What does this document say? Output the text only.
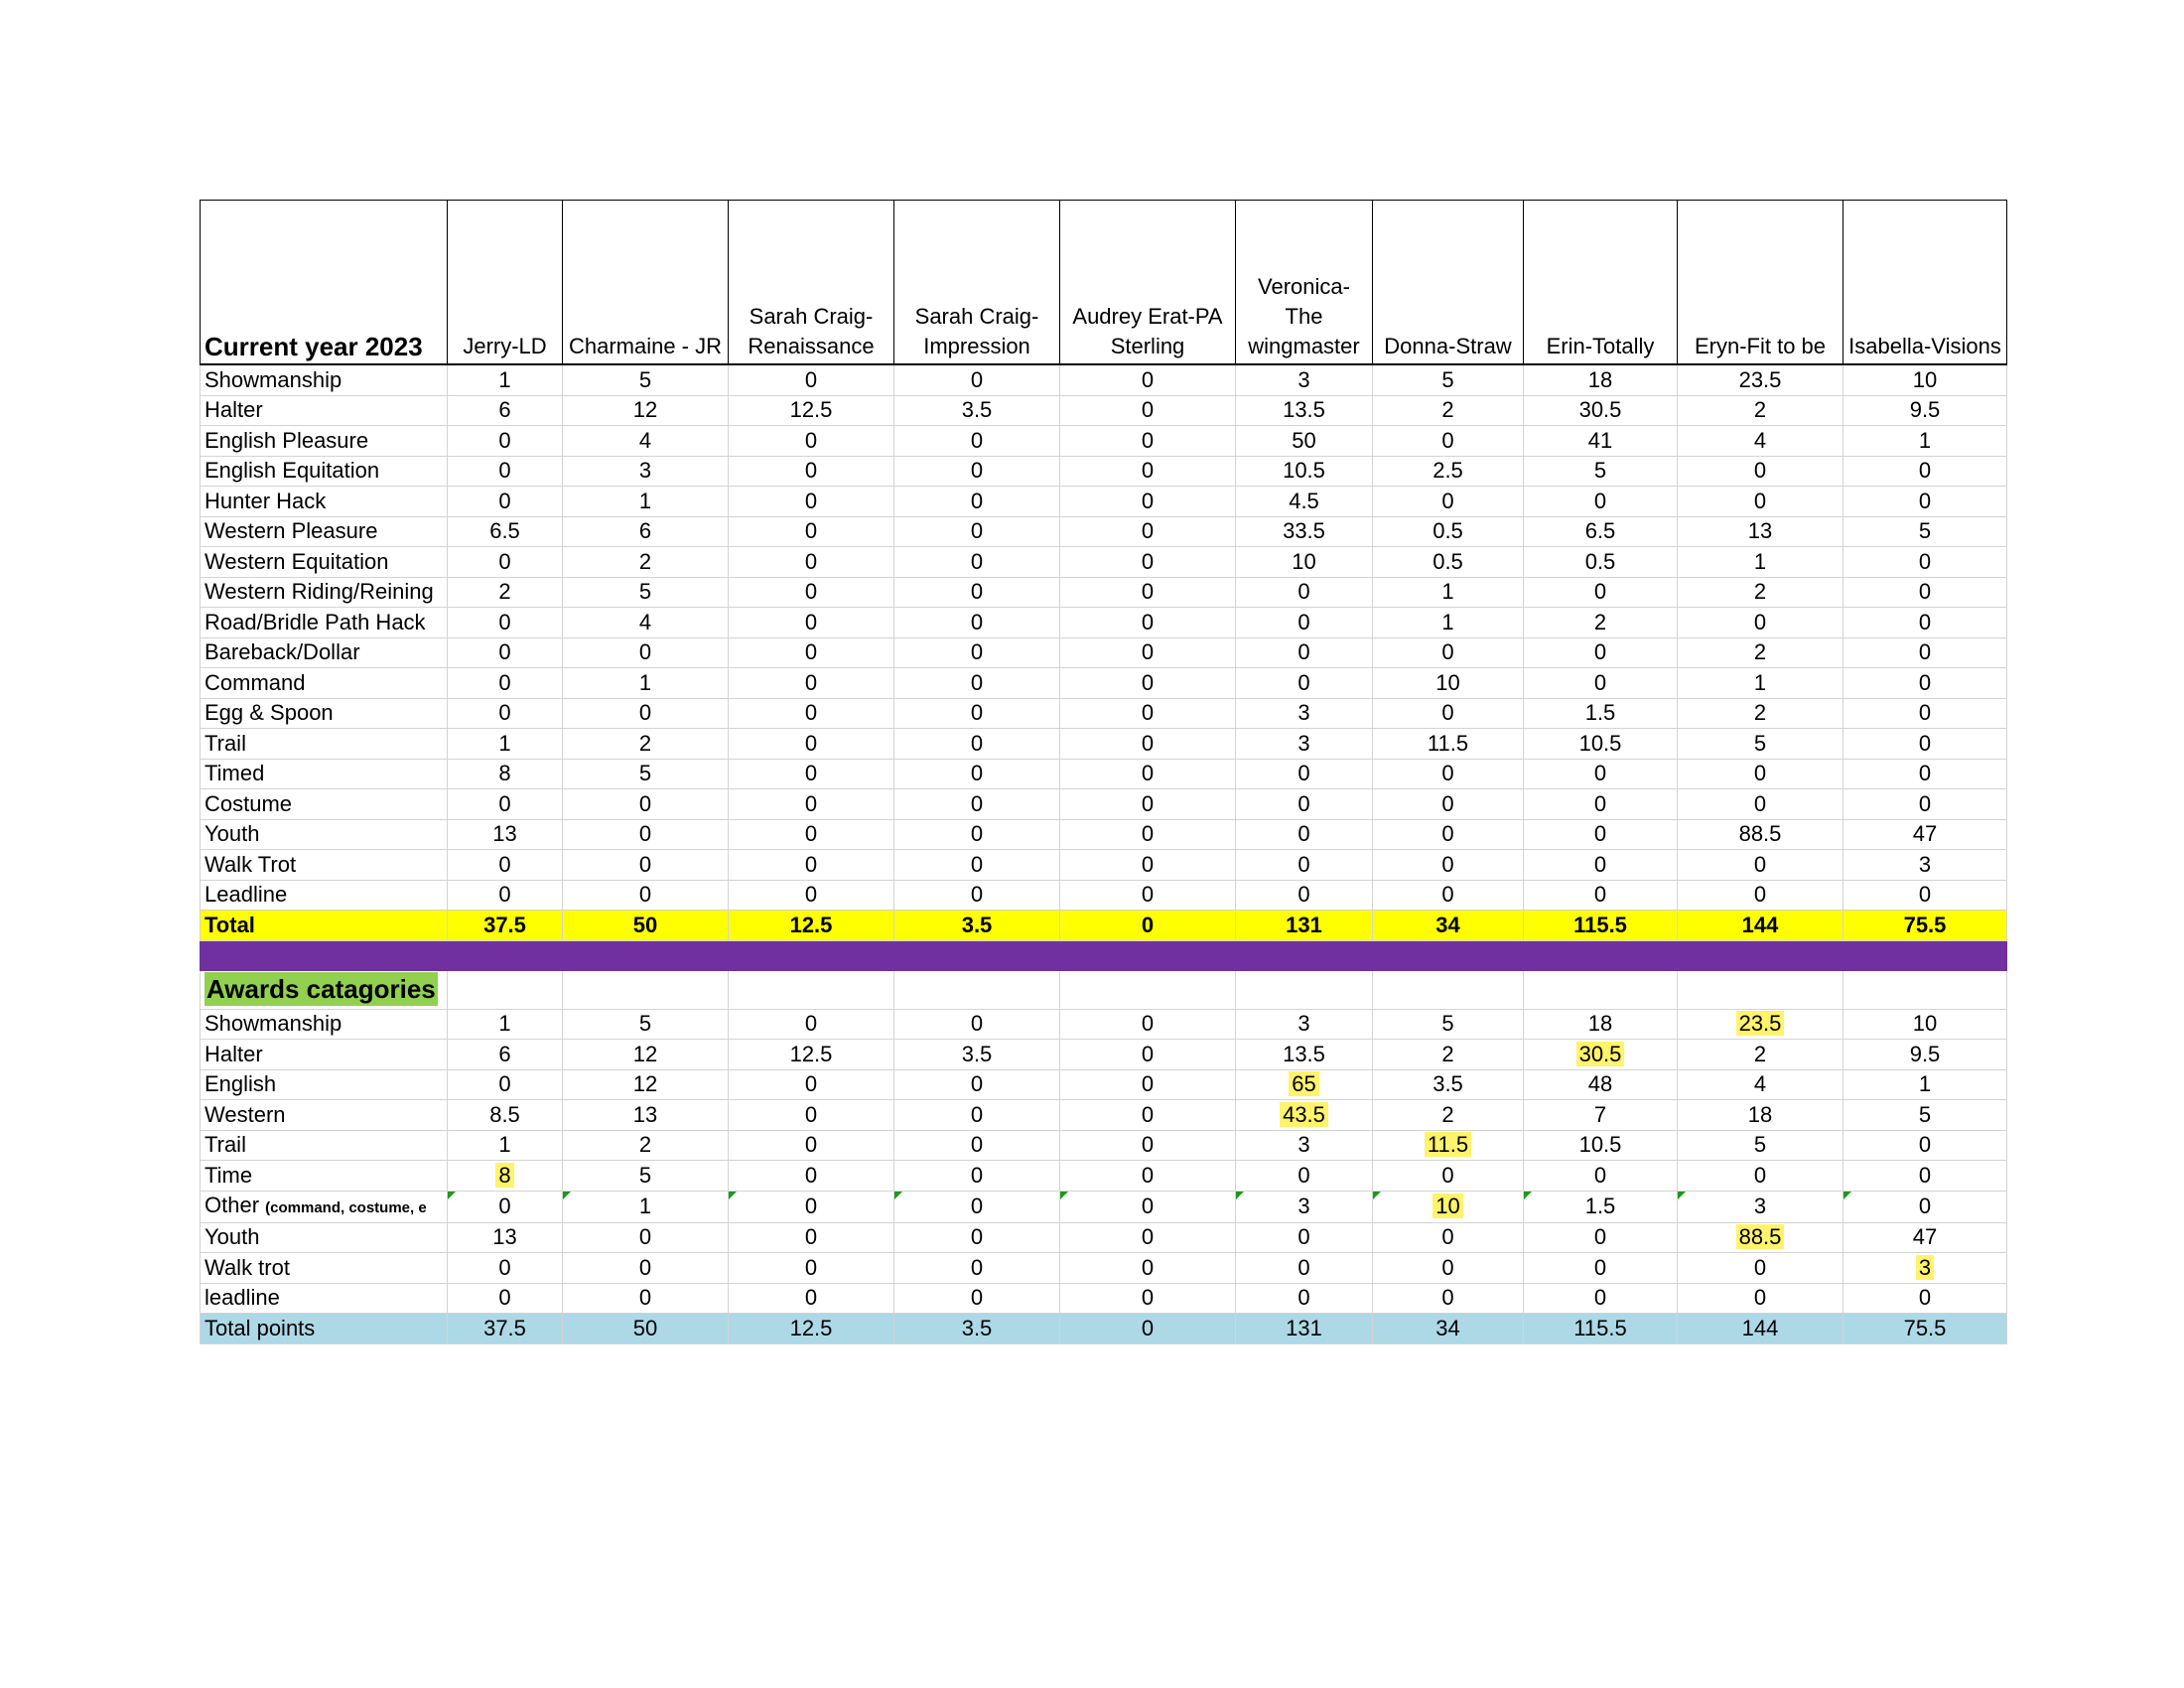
Current year 2023	Jerry-LD	Charmaine - JR	Sarah Craig-Renaissance	Sarah Craig-Impression	Audrey Erat-PA Sterling	Veronica-The wingmaster	Donna-Straw	Erin-Totally	Eryn-Fit to be	Isabella-Visions
Showmanship	1	5	0	0	0	3	5	18	23.5	10
Halter	6	12	12.5	3.5	0	13.5	2	30.5	2	9.5
English Pleasure	0	4	0	0	0	50	0	41	4	1
English Equitation	0	3	0	0	0	10.5	2.5	5	0	0
Hunter Hack	0	1	0	0	0	4.5	0	0	0	0
Western Pleasure	6.5	6	0	0	0	33.5	0.5	6.5	13	5
Western Equitation	0	2	0	0	0	10	0.5	0.5	1	0
Western Riding/Reining	2	5	0	0	0	0	1	0	2	0
Road/Bridle Path Hack	0	4	0	0	0	0	1	2	0	0
Bareback/Dollar	0	0	0	0	0	0	0	0	2	0
Command	0	1	0	0	0	0	10	0	1	0
Egg & Spoon	0	0	0	0	0	3	0	1.5	2	0
Trail	1	2	0	0	0	3	11.5	10.5	5	0
Timed	8	5	0	0	0	0	0	0	0	0
Costume	0	0	0	0	0	0	0	0	0	0
Youth	13	0	0	0	0	0	0	0	88.5	47
Walk Trot	0	0	0	0	0	0	0	0	0	3
Leadline	0	0	0	0	0	0	0	0	0	0
Total	37.5	50	12.5	3.5	0	131	34	115.5	144	75.5

Awards catagories										
Showmanship	1	5	0	0	0	3	5	18	23.5	10
Halter	6	12	12.5	3.5	0	13.5	2	30.5	2	9.5
English	0	12	0	0	0	65	3.5	48	4	1
Western	8.5	13	0	0	0	43.5	2	7	18	5
Trail	1	2	0	0	0	3	11.5	10.5	5	0
Time	8	5	0	0	0	0	0	0	0	0
Other (command, costume, e	0	1	0	0	0	3	10	1.5	3	0
Youth	13	0	0	0	0	0	0	0	88.5	47
Walk trot	0	0	0	0	0	0	0	0	0	3
leadline	0	0	0	0	0	0	0	0	0	0
Total points	37.5	50	12.5	3.5	0	131	34	115.5	144	75.5
